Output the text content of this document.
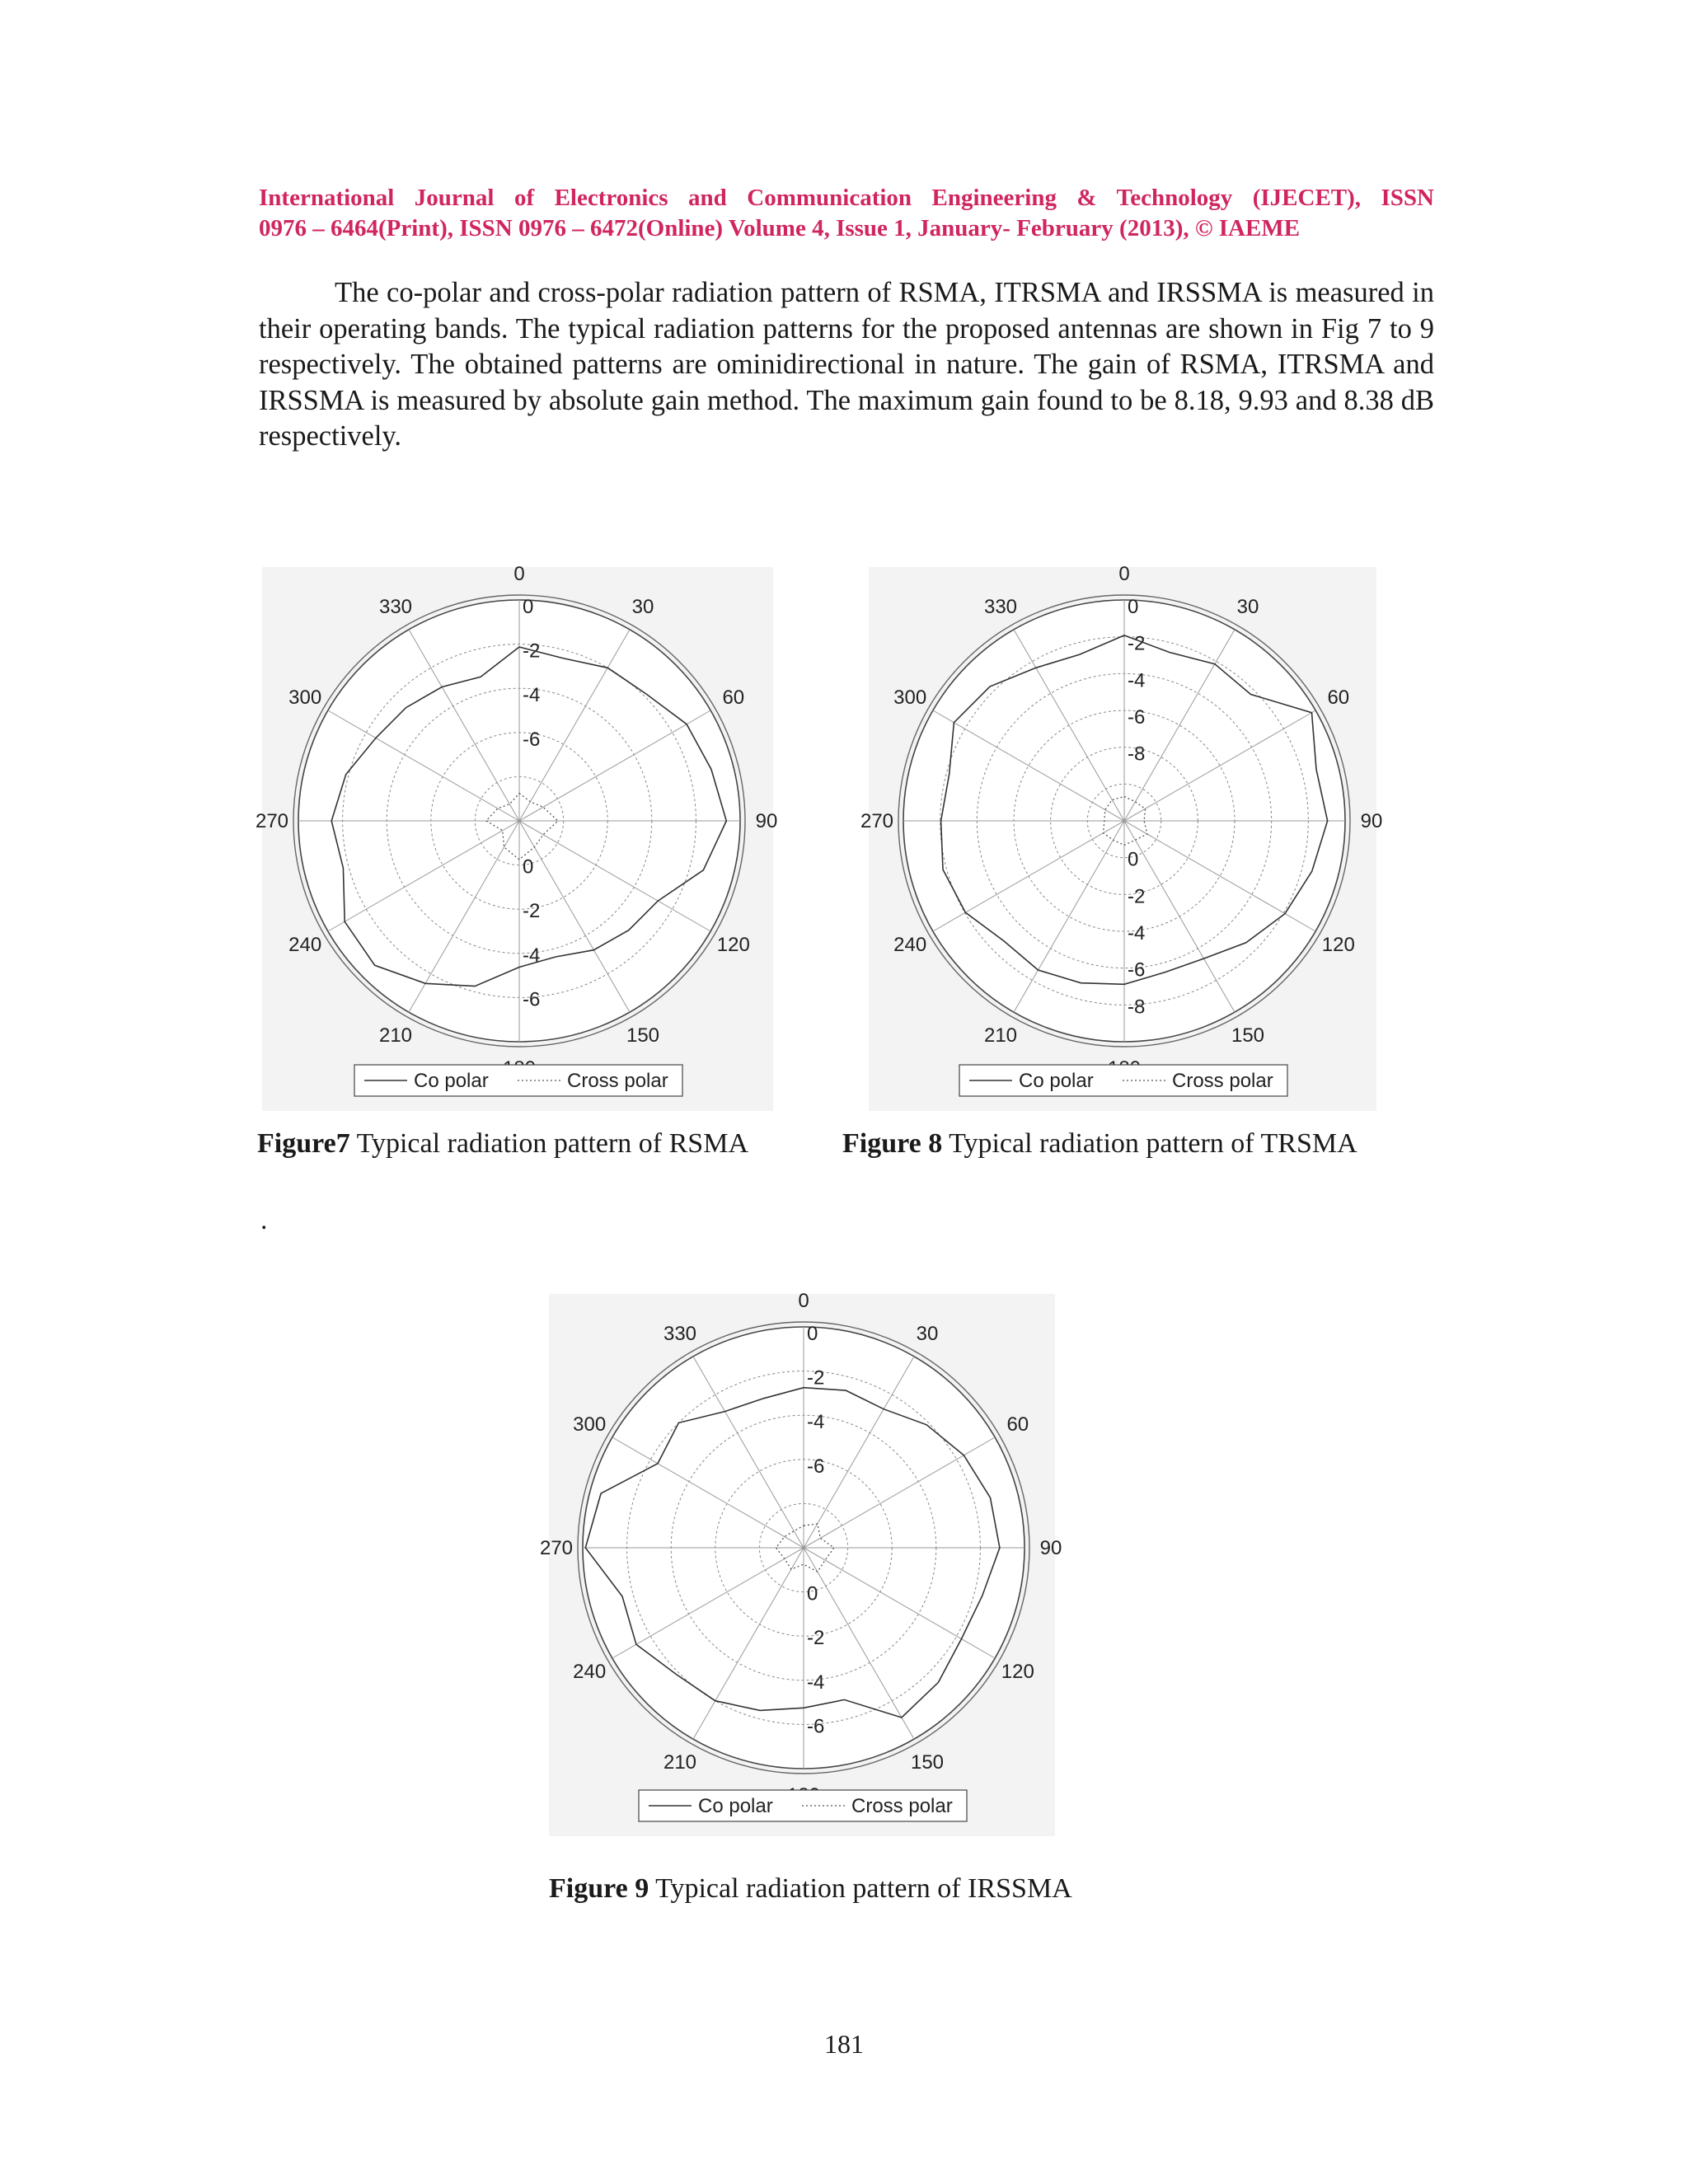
International Journal of Electronics and Communication Engineering & Technology (IJECET), ISSN
0976 – 6464(Print), ISSN 0976 – 6472(Online) Volume 4, Issue 1, January- February (2013), © IAEME
The co-polar and cross-polar radiation pattern of RSMA, ITRSMA and IRSSMA is measured in their operating bands. The typical radiation patterns for the proposed antennas are shown in Fig 7 to 9 respectively. The obtained patterns are ominidirectional in nature. The gain of RSMA, ITRSMA and IRSSMA is measured by absolute gain method. The maximum gain found to be 8.18, 9.93 and 8.38 dB respectively.
0
30
60
90
120
150
210
240
270
300
330	0
-2
-4
-6
-6
-4
-2
0
Co polar	Cross polar
0
30
60
90
120
150
210
240
270
300
330	0
-2
-4
-6
-8
-8
-6
-4
-2
0
Co polar	Cross polar
0
30
60
90
120
150
210
240
270
300
330	0
-2
-4
-6
-6
-4
-2
0
Co polar	Cross polar
Figure7 Typical radiation pattern of RSMA	Figure 8 Typical radiation pattern of TRSMA
.
Figure 9 Typical radiation pattern of IRSSMA
181
